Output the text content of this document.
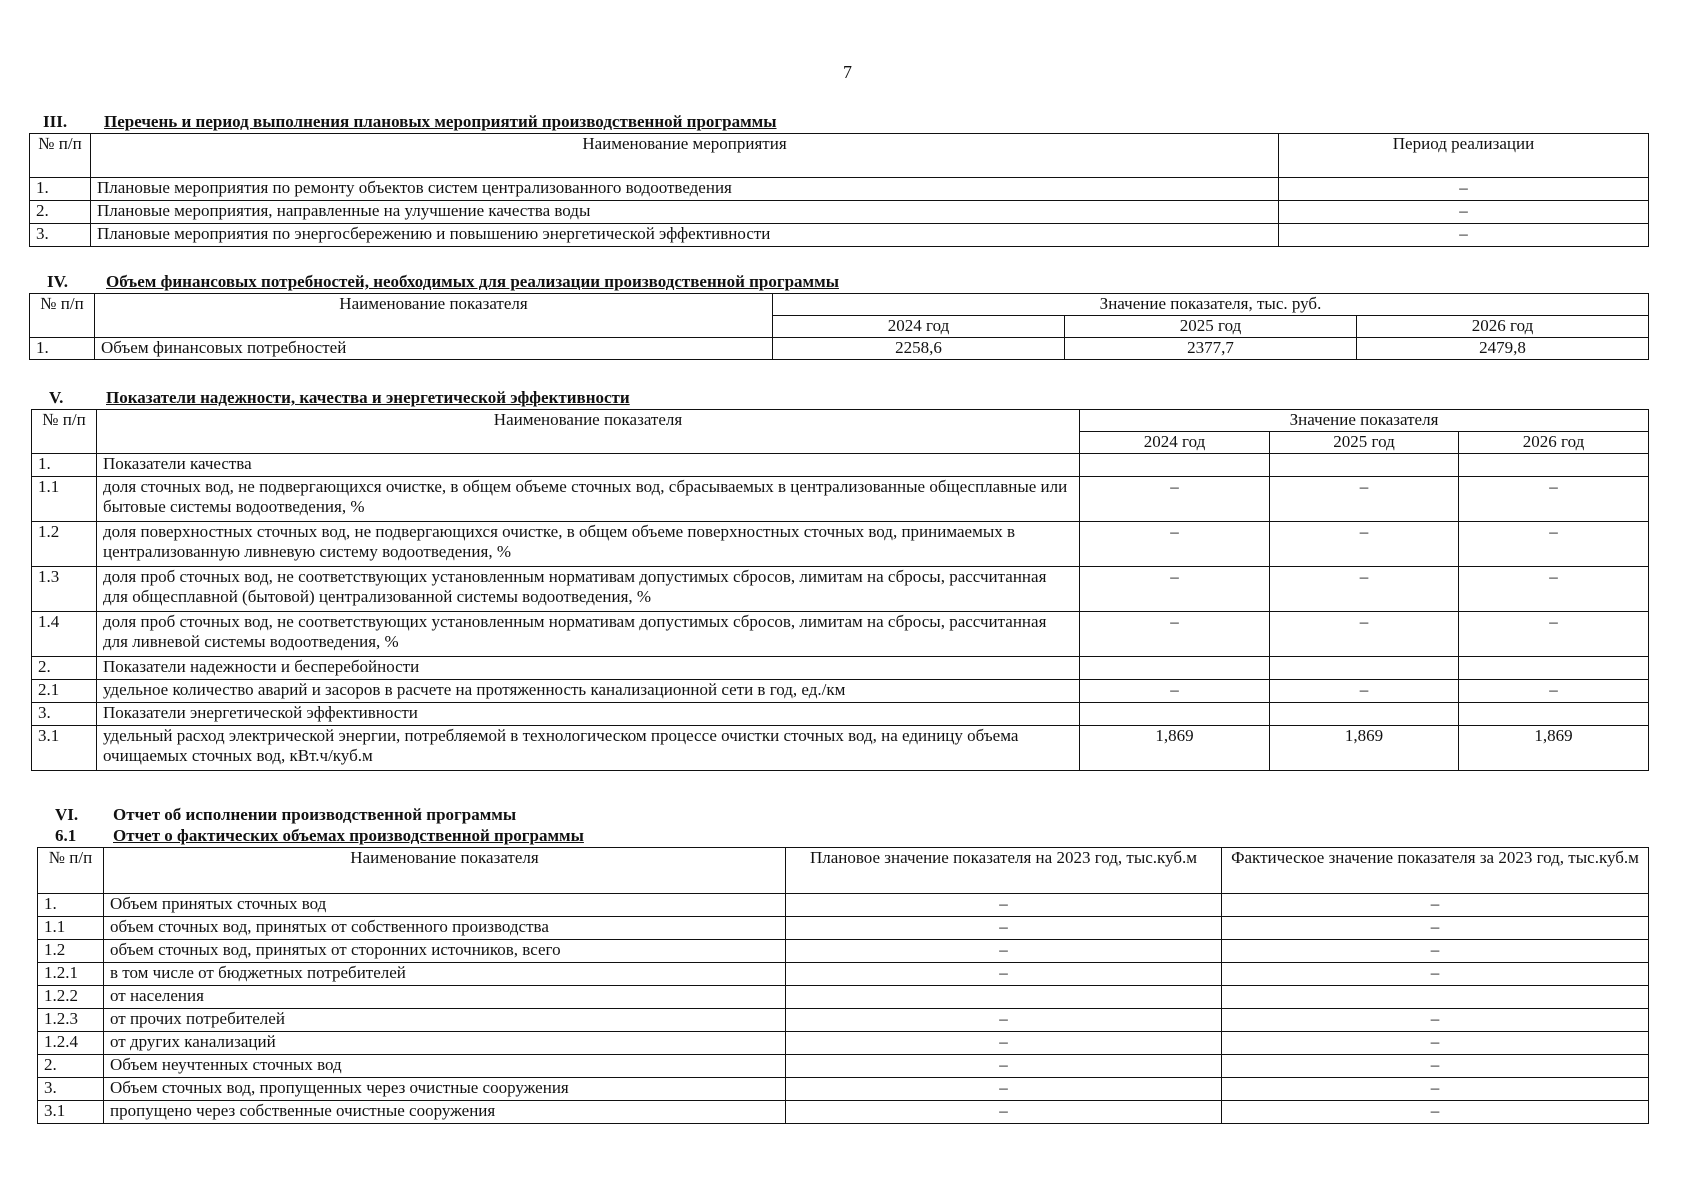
7
III. Перечень и период выполнения плановых мероприятий производственной программы
№ п/п	Наименование мероприятия	Период реализации
1.	Плановые мероприятия по ремонту объектов систем централизованного водоотведения	–
2.	Плановые мероприятия, направленные на улучшение качества воды	–
3.	Плановые мероприятия по энергосбережению и повышению энергетической эффективности	–
IV. Объем финансовых потребностей, необходимых для реализации производственной программы
№ п/п	Наименование показателя	Значение показателя, тыс. руб.		
		2024 год	2025 год	2026 год
1.	Объем финансовых потребностей	2258,6	2377,7	2479,8
V.	Показатели надежности, качества и энергетической эффективности
№ п/п	Наименование показателя	Значение показателя		
		2024 год	2025 год	2026 год
1.	Показатели качества			
1.1	доля сточных вод, не подвергающихся очистке, в общем объеме сточных вод, сбрасываемых в централизованные общесплавные или бытовые системы водоотведения, %	–	–	–
1.2	доля поверхностных сточных вод, не подвергающихся очистке, в общем объеме поверхностных сточных вод, принимаемых в централизованную ливневую систему водоотведения, %	–	–	–
1.3	доля проб сточных вод, не соответствующих установленным нормативам допустимых сбросов, лимитам на сбросы, рассчитанная для общесплавной (бытовой) централизованной системы водоотведения, %	–	–	–
1.4	доля проб сточных вод, не соответствующих установленным нормативам допустимых сбросов, лимитам на сбросы, рассчитанная для ливневой системы водоотведения, %	–	–	–
2.	Показатели надежности и бесперебойности			
2.1	удельное количество аварий и засоров в расчете на протяженность канализационной сети в год, ед./км	–	–	–
3.	Показатели энергетической эффективности			
3.1	удельный расход электрической энергии, потребляемой в технологическом процессе очистки сточных вод, на единицу объема очищаемых сточных вод, кВт.ч/куб.м	1,869	1,869	1,869
VI. Отчет об исполнении производственной программы
6.1 Отчет о фактических объемах производственной программы
№ п/п	Наименование показателя	Плановое значение показателя на 2023 год, тыс.куб.м	Фактическое значение показателя за 2023 год, тыс.куб.м
1.	Объем принятых сточных вод	–	–
1.1	объем сточных вод, принятых от собственного производства	–	–
1.2	объем сточных вод, принятых от сторонних источников, всего	–	–
1.2.1	в том числе от бюджетных потребителей	–	–
1.2.2	от населения		
1.2.3	от прочих потребителей	–	–
1.2.4	от других канализаций	–	–
2.	Объем неучтенных сточных вод	–	–
3.	Объем сточных вод, пропущенных через очистные сооружения	–	–
3.1	пропущено через собственные очистные сооружения	–	–
